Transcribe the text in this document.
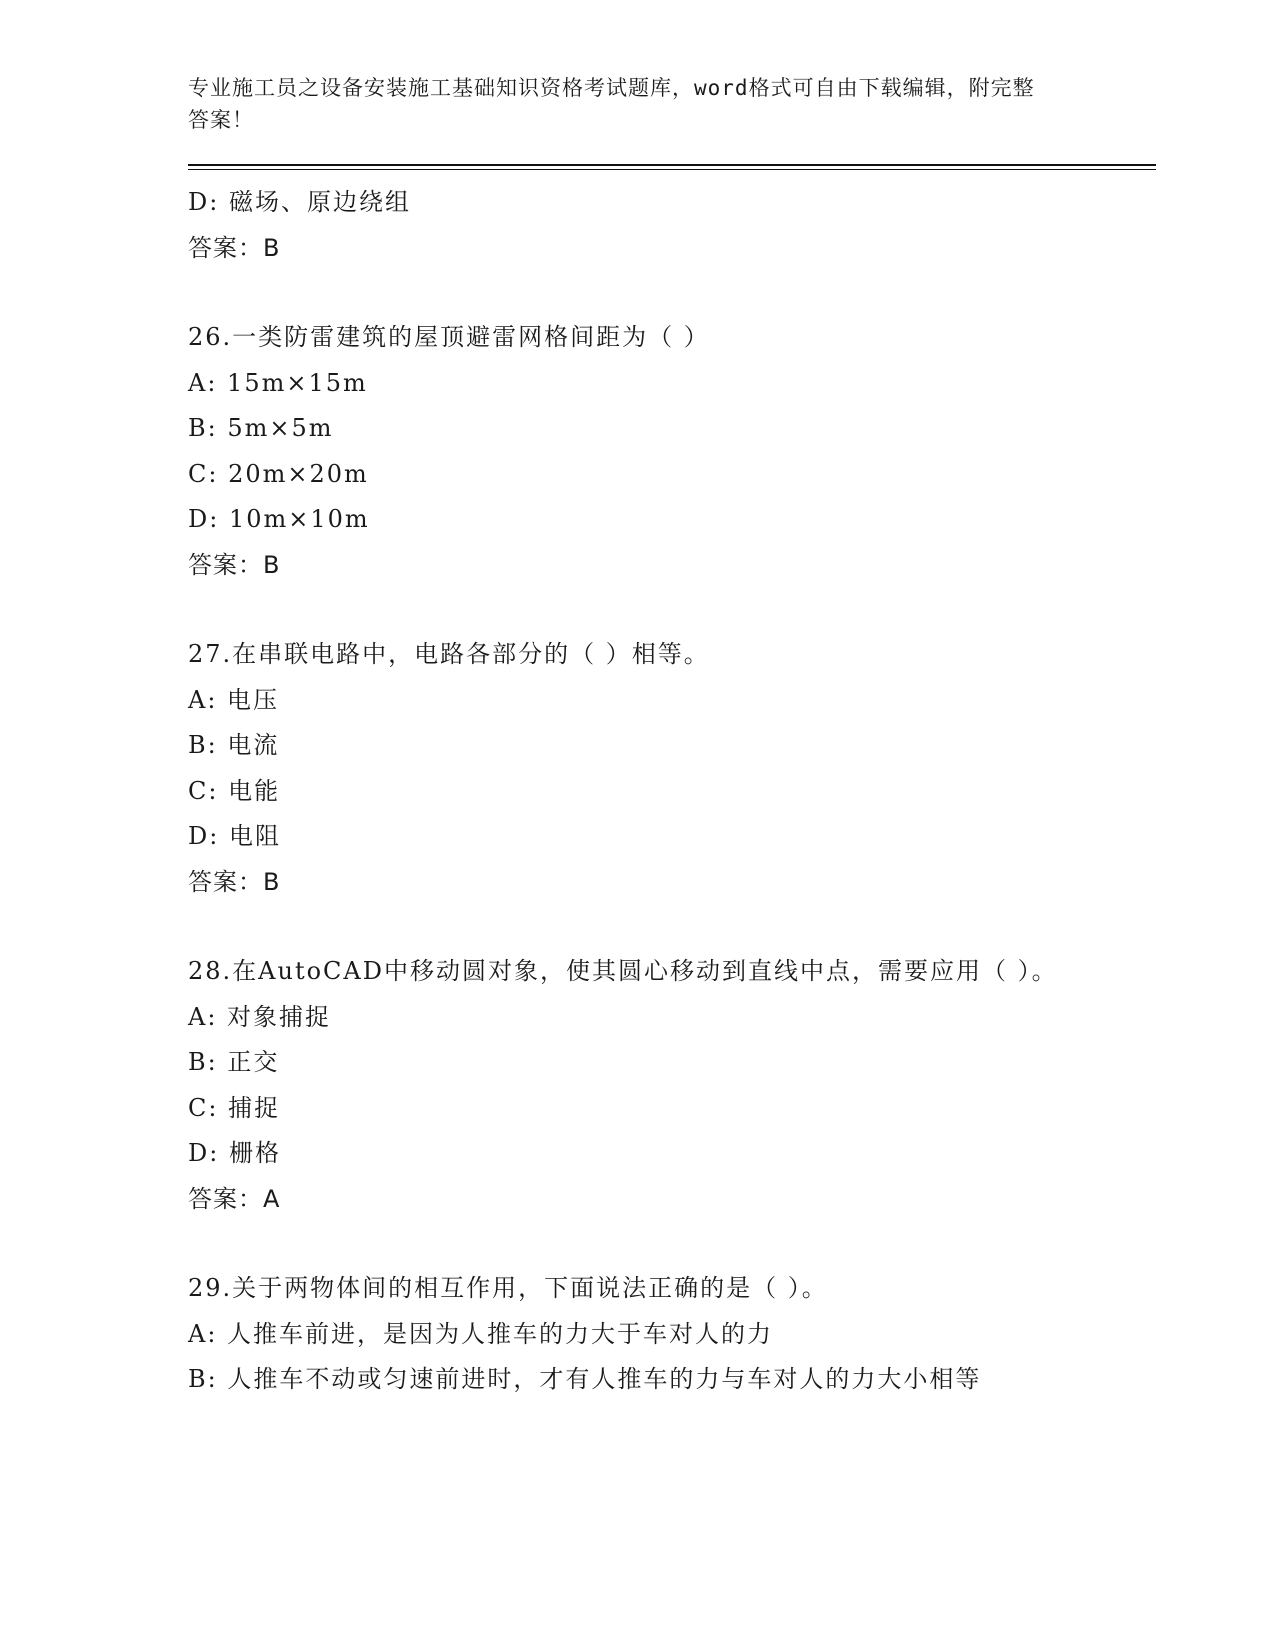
专业施工员之设备安装施工基础知识资格考试题库，word格式可自由下载编辑，附完整答案！
D: 磁场、原边绕组
答案：B
26.一类防雷建筑的屋顶避雷网格间距为（ ）
A: 15m×15m
B: 5m×5m
C: 20m×20m
D: 10m×10m
答案：B
27.在串联电路中，电路各部分的（ ）相等。
A: 电压
B: 电流
C: 电能
D: 电阻
答案：B
28.在AutoCAD中移动圆对象，使其圆心移动到直线中点，需要应用（ ）。
A: 对象捕捉
B: 正交
C: 捕捉
D: 栅格
答案：A
29.关于两物体间的相互作用，下面说法正确的是（ ）。
A: 人推车前进，是因为人推车的力大于车对人的力
B: 人推车不动或匀速前进时，才有人推车的力与车对人的力大小相等
